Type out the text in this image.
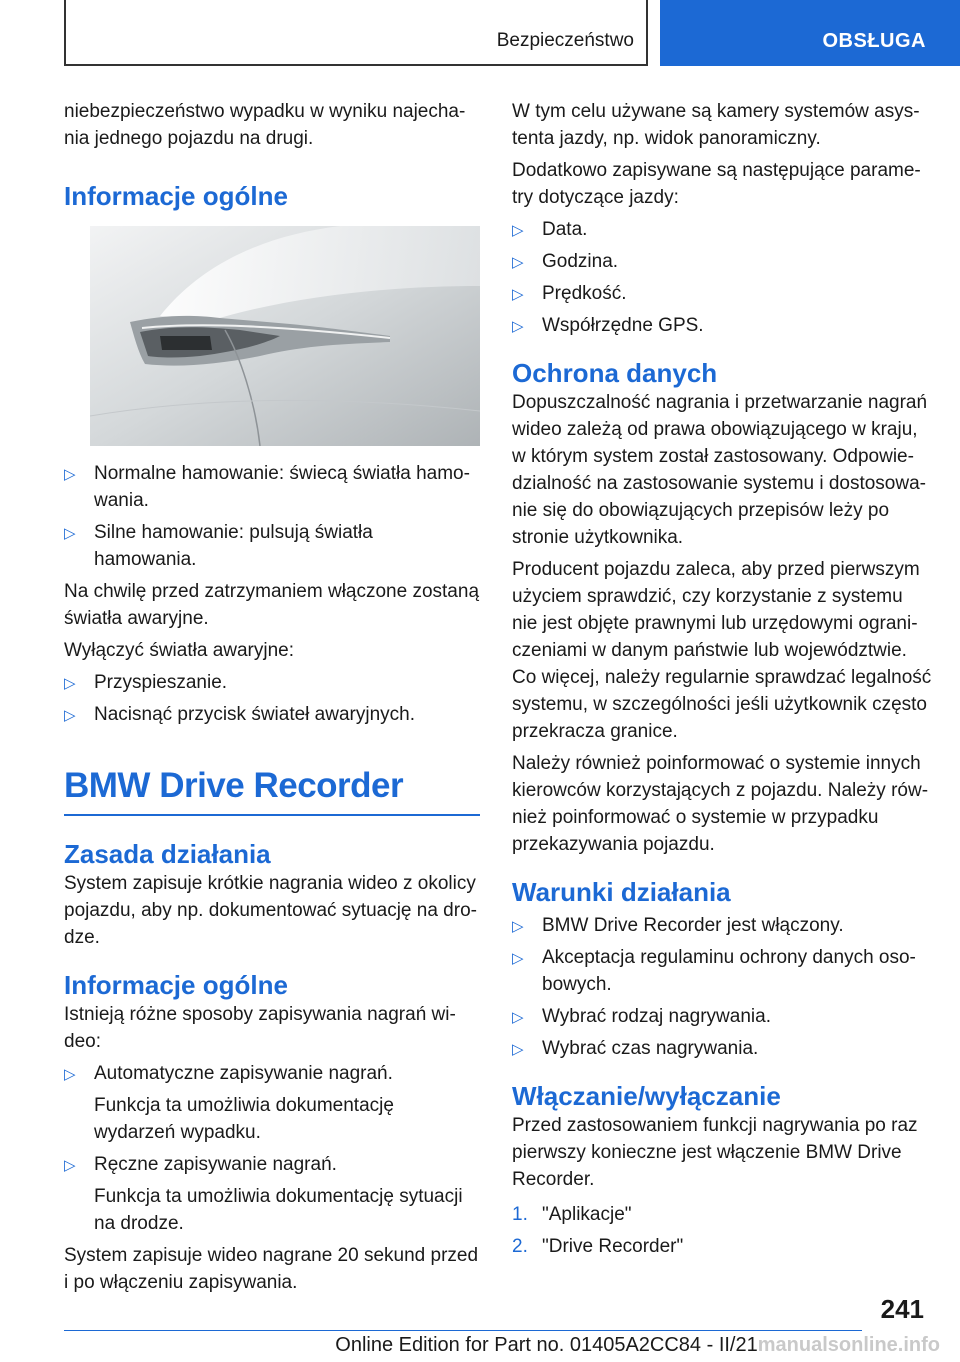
Bezpieczeństwo	OBSŁUGA

niebezpieczeństwo wypadku w wyniku najecha-nia jednego pojazdu na drugi.

Informacje ogólne
▷ Normalne hamowanie: świecą światła hamo-wania.
▷ Silne hamowanie: pulsują światła hamowania.

Na chwilę przed zatrzymaniem włączone zostaną światła awaryjne.

Wyłączyć światła awaryjne:

▷ Przyspieszanie.
▷ Nacisnąć przycisk świateł awaryjnych.
BMW Drive Recorder
Zasada działania

System zapisuje krótkie nagrania wideo z okolicy pojazdu, aby np. dokumentować sytuację na dro-dze.

Informacje ogólne

Istnieją różne sposoby zapisywania nagrań wi-deo:

▷ Automatyczne zapisywanie nagrań.
Funkcja ta umożliwia dokumentację wydarzeń wypadku.
▷ Ręczne zapisywanie nagrań.
Funkcja ta umożliwia dokumentację sytuacji na drodze.

System zapisuje wideo nagrane 20 sekund przed i po włączeniu zapisywania.

W tym celu używane są kamery systemów asys-tenta jazdy, np. widok panoramiczny.

Dodatkowo zapisywane są następujące parame-try dotyczące jazdy:

▷ Data.
▷ Godzina.
▷ Prędkość.
▷ Współrzędne GPS.
Ochrona danych

Dopuszczalność nagrania i przetwarzanie nagrań wideo zależą od prawa obowiązującego w kraju, w którym system został zastosowany. Odpowie-dzialność na zastosowanie systemu i dostosowa-nie się do obowiązujących przepisów leży po stronie użytkownika.

Producent pojazdu zaleca, aby przed pierwszym użyciem sprawdzić, czy korzystanie z systemu nie jest objęte prawnymi lub urzędowymi ograni-czeniami w danym państwie lub województwie. Co więcej, należy regularnie sprawdzać legalność systemu, w szczególności jeśli użytkownik często przekracza granice.

Należy również poinformować o systemie innych kierowców korzystających z pojazdu. Należy rów-nież poinformować o systemie w przypadku przekazywania pojazdu.

Warunki działania
▷ BMW Drive Recorder jest włączony.
▷ Akceptacja regulaminu ochrony danych oso-bowych.
▷ Wybrać rodzaj nagrywania.
▷ Wybrać czas nagrywania.
Włączanie/wyłączanie

Przed zastosowaniem funkcji nagrywania po raz pierwszy konieczne jest włączenie BMW Drive Recorder.

1. "Aplikacje"
2. "Drive Recorder"
241
Online Edition for Part no. 01405A2CC84 - II/21manualsonline.info
